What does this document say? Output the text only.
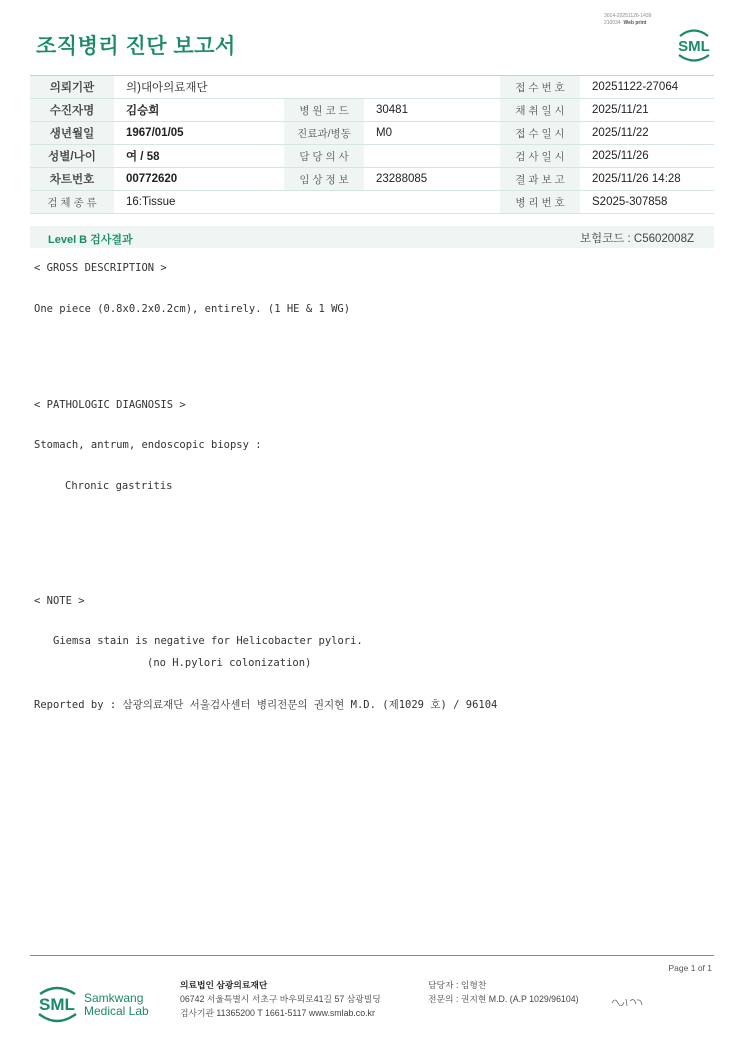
조직병리 진단 보고서
3014-20251126-1439
210034 Web print
SML
의뢰기관	의)대아의료재단			접 수 번 호	20251122-27064
수진자명	김승희	병 원 코 드	30481	채 취 일 시	2025/11/21
생년월일	1967/01/05	진료과/병동	M0	접 수 일 시	2025/11/22
성별/나이	여 / 58	담 당 의 사		검 사 일 시	2025/11/26
차트번호	00772620	임 상 정 보	23288085	결 과 보 고	2025/11/26 14:28
검 체 종 류	16:Tissue			병 리 번 호	S2025-307858
Level B 검사결과	보험코드 : C5602008Z
< GROSS DESCRIPTION >
One piece (0.8x0.2x0.2cm), entirely. (1 HE & 1 WG)
< PATHOLOGIC DIAGNOSIS >
Stomach, antrum, endoscopic biopsy :
Chronic gastritis
< NOTE >
Giemsa stain is negative for Helicobacter pylori.
(no H.pylori colonization)
Reported by : 삼광의료재단 서울검사센터 병리전문의 권지현 M.D. (제1029 호) / 96104
Page 1 of 1
SML Samkwang
Medical Lab
의료법인 삼광의료재단
06742 서울특별시 서초구 바우뫼로41길 57 삼광빌딩
검사기관 11365200 T 1661-5117 www.smlab.co.kr
담당자 : 임형찬
전문의 : 권지현 M.D. (A.P 1029/96104)
